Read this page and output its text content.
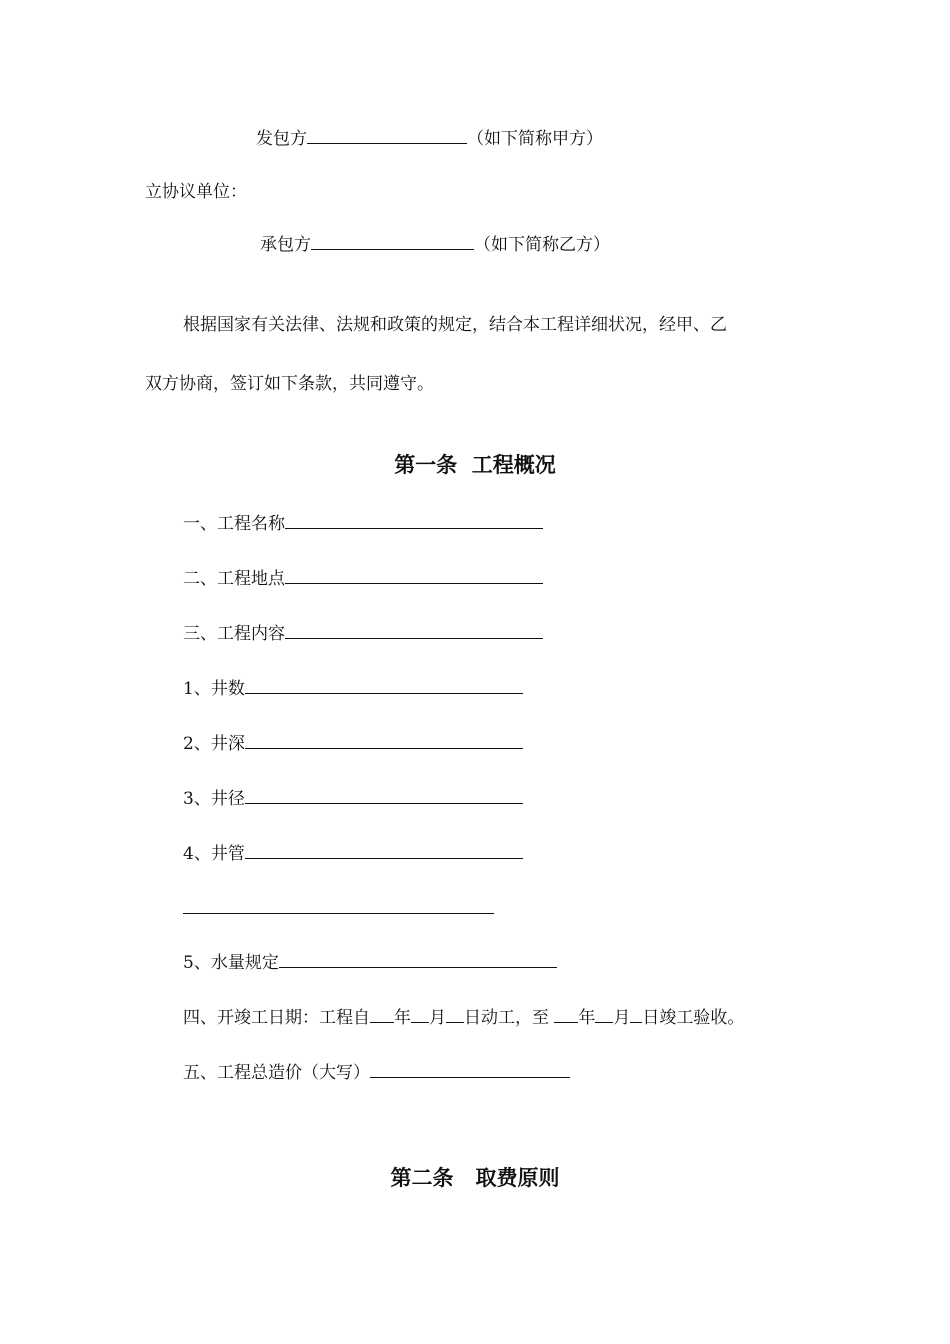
发包方	（如下简称甲方）
立协议单位：
承包方	（如下简称乙方）
根据国家有关法律、法规和政策的规定，结合本工程详细状况，经甲、乙
双方协商，签订如下条款，共同遵守。
第一条  工程概况
一、工程名称
二、工程地点
三、工程内容
1、井数
2、井深
3、井径
4、井管
5、水量规定
四、开竣工日期：工程自 年 月 日动工，至 年 月 日竣工验收。
五、工程总造价（大写）
第二条   取费原则
